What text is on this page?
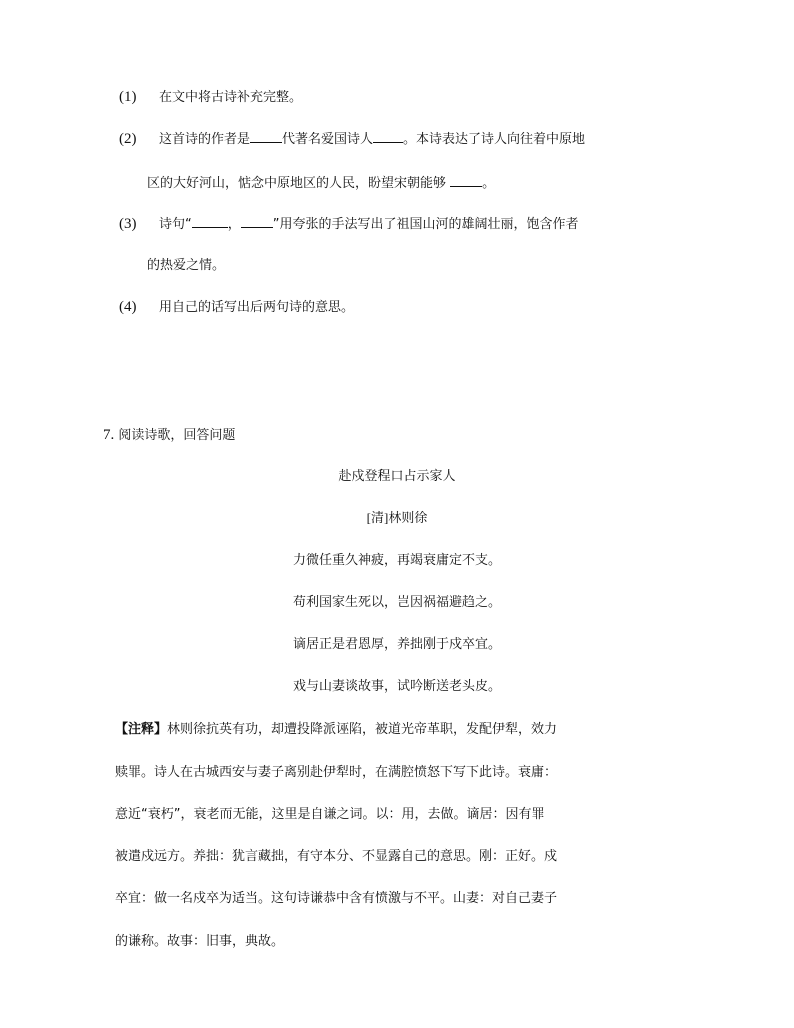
(1) 在文中将古诗补充完整。
(2) 这首诗的作者是 代著名爱国诗人 。本诗表达了诗人向往着中原地
区的大好河山，惦念中原地区的人民，盼望宋朝能够	。
(3) 诗句“	， ”用夸张的手法写出了祖国山河的雄阔壮丽，饱含作者
的热爱之情。
(4) 用自己的话写出后两句诗的意思。
7. 阅读诗歌，回答问题
赴戍登程口占示家人
[清]林则徐
力微任重久神疲，再竭衰庸定不支。
苟利国家生死以，岂因祸福避趋之。
谪居正是君恩厚，养拙刚于戍卒宜。
戏与山妻谈故事，试吟断送老头皮。
【注释】林则徐抗英有功，却遭投降派诬陷，被道光帝革职，发配伊犁，效力
赎罪。诗人在古城西安与妻子离别赴伊犁时，在满腔愤怒下写下此诗。衰庸：
意近“衰朽”，衰老而无能，这里是自谦之词。以：用，去做。谪居：因有罪
被遣戍远方。养拙：犹言藏拙，有守本分、不显露自己的意思。刚：正好。戍
卒宜：做一名戍卒为适当。这句诗谦恭中含有愤激与不平。山妻：对自己妻子
的谦称。故事：旧事，典故。
